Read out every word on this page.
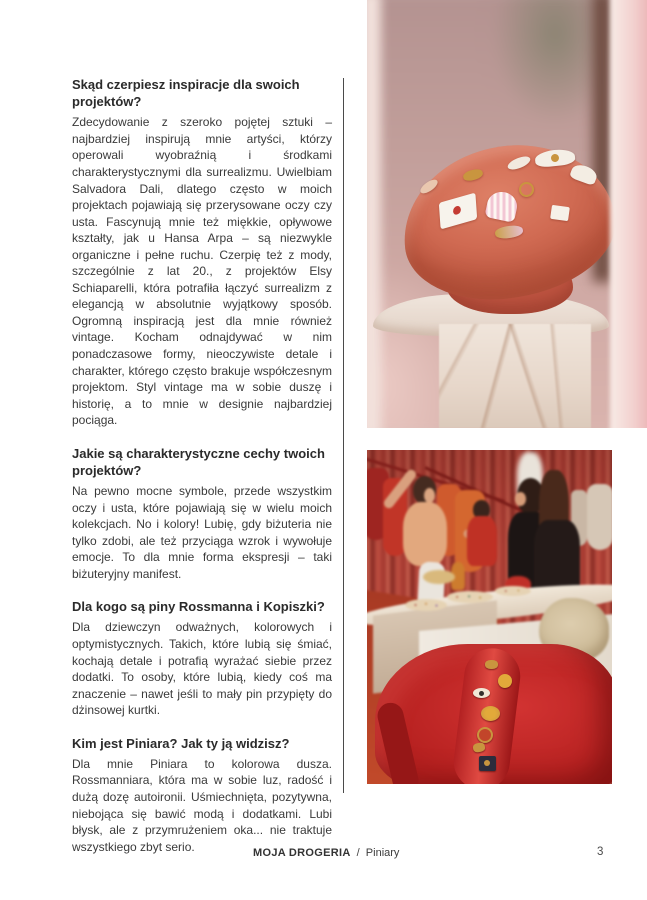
Skąd czerpiesz inspiracje dla swoich projektów?

Zdecydowanie z szeroko pojętej sztuki – najbardziej inspirują mnie artyści, którzy operowali wyobraźnią i środkami charakterystycznymi dla surrealizmu. Uwielbiam Salvadora Dali, dlatego często w moich projektach pojawiają się przerysowane oczy czy usta. Fascynują mnie też miękkie, opływowe kształty, jak u Hansa Arpa – są niezwykle organiczne i pełne ruchu. Czerpię też z mody, szczególnie z lat 20., z projektów Elsy Schiaparelli, która potrafiła łączyć surrealizm z elegancją w absolutnie wyjątkowy sposób. Ogromną inspiracją jest dla mnie również vintage. Kocham odnajdywać w nim ponadczasowe formy, nieoczywiste detale i charakter, którego często brakuje współczesnym projektom. Styl vintage ma w sobie duszę i historię, a to mnie w designie najbardziej pociąga.

Jakie są charakterystyczne cechy twoich projektów?

Na pewno mocne symbole, przede wszystkim oczy i usta, które pojawiają się w wielu moich kolekcjach. No i kolory! Lubię, gdy biżuteria nie tylko zdobi, ale też przyciąga wzrok i wywołuje emocje. To dla mnie forma ekspresji – taki biżuteryjny manifest.

Dla kogo są piny Rossmanna i Kopiszki?

Dla dziewczyn odważnych, kolorowych i optymistycznych. Takich, które lubią się śmiać, kochają detale i potrafią wyrażać siebie przez dodatki. To osoby, które lubią, kiedy coś ma znaczenie – nawet jeśli to mały pin przypięty do dżinsowej kurtki.

Kim jest Piniara? Jak ty ją widzisz?

Dla mnie Piniara to kolorowa dusza. Rossmanniara, która ma w sobie luz, radość i dużą dozę autoironii. Uśmiechnięta, pozytywna, niebojąca się bawić modą i dodatkami. Lubi błysk, ale z przymrużeniem oka... nie traktuje wszystkiego zbyt serio.	MOJA DROGERIA / Piniary	3
